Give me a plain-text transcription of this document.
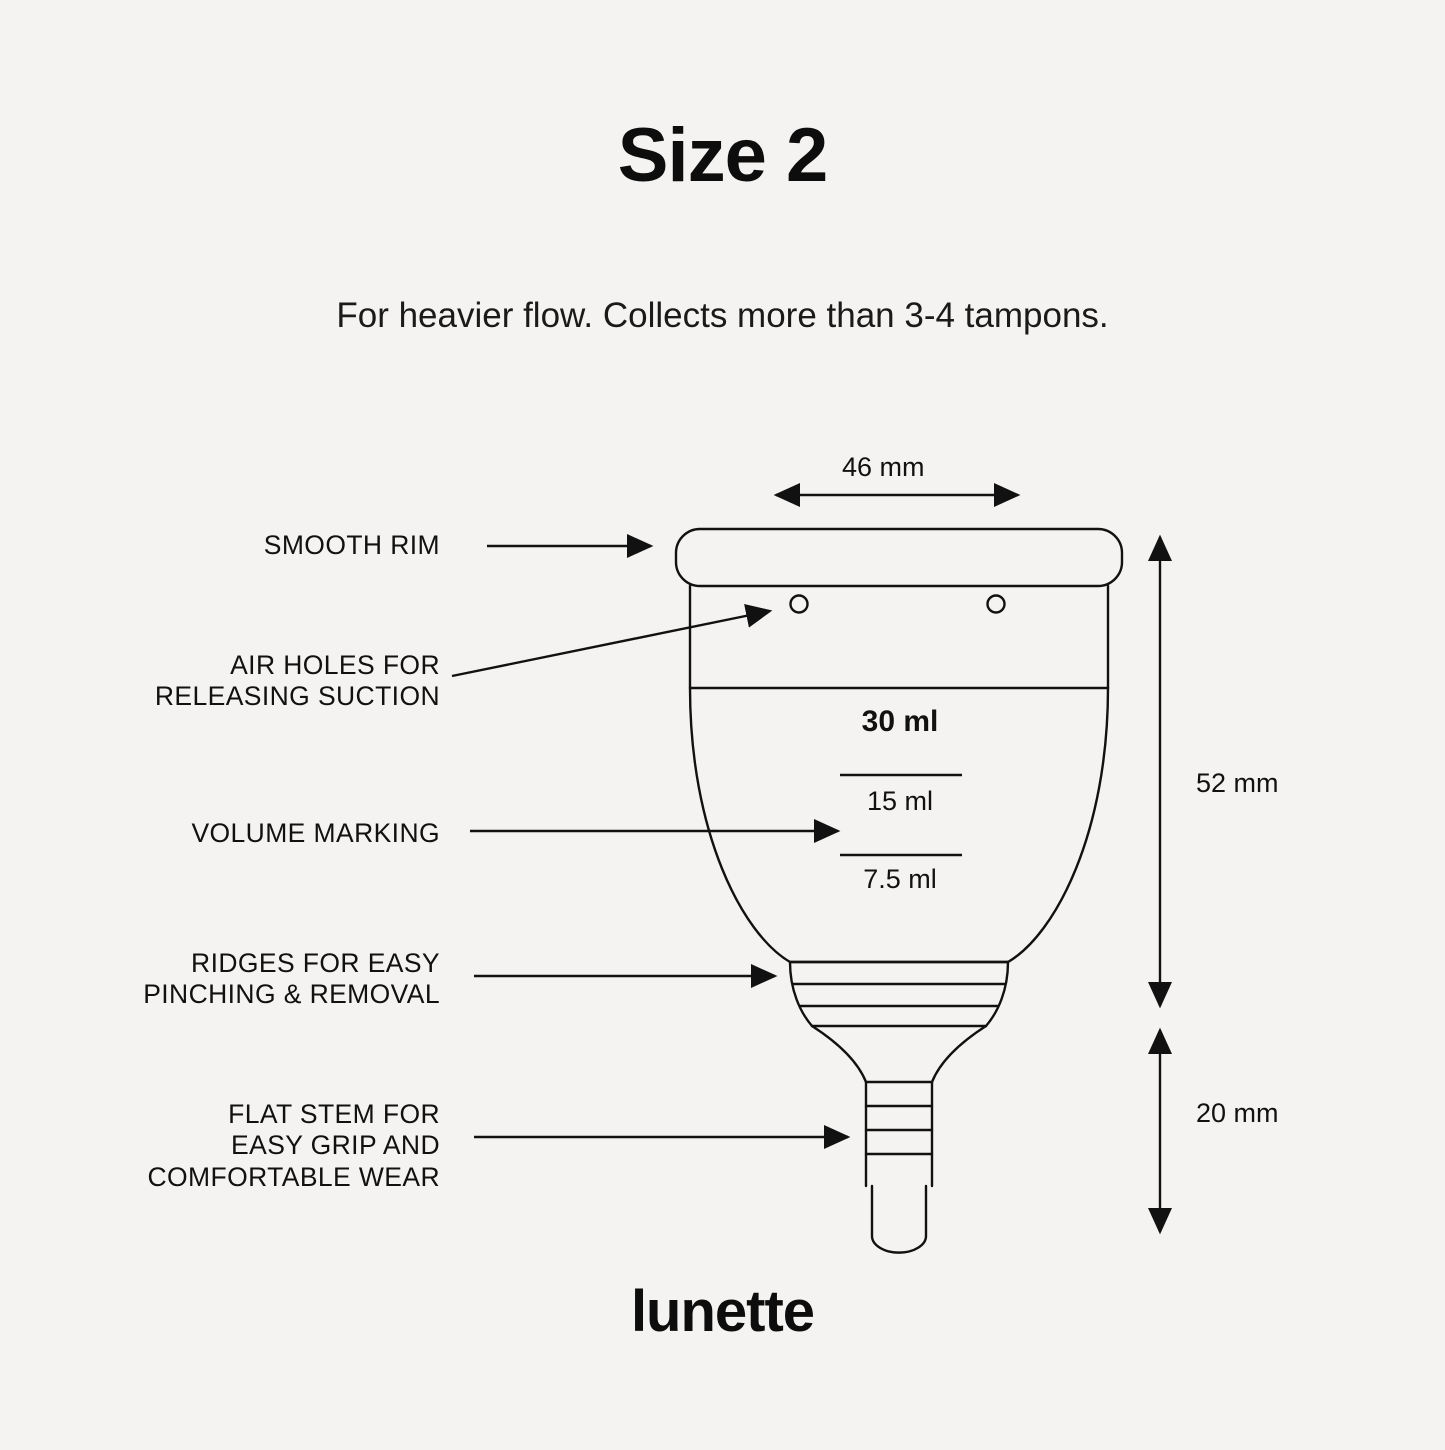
Size 2
For heavier flow. Collects more than 3-4 tampons.
SMOOTH RIM
AIR HOLES FOR
RELEASING SUCTION
VOLUME MARKING
RIDGES FOR EASY
PINCHING & REMOVAL
FLAT STEM FOR
EASY GRIP AND
COMFORTABLE WEAR
46 mm
52 mm
20 mm
30 ml
15 ml
7.5 ml
lunette
